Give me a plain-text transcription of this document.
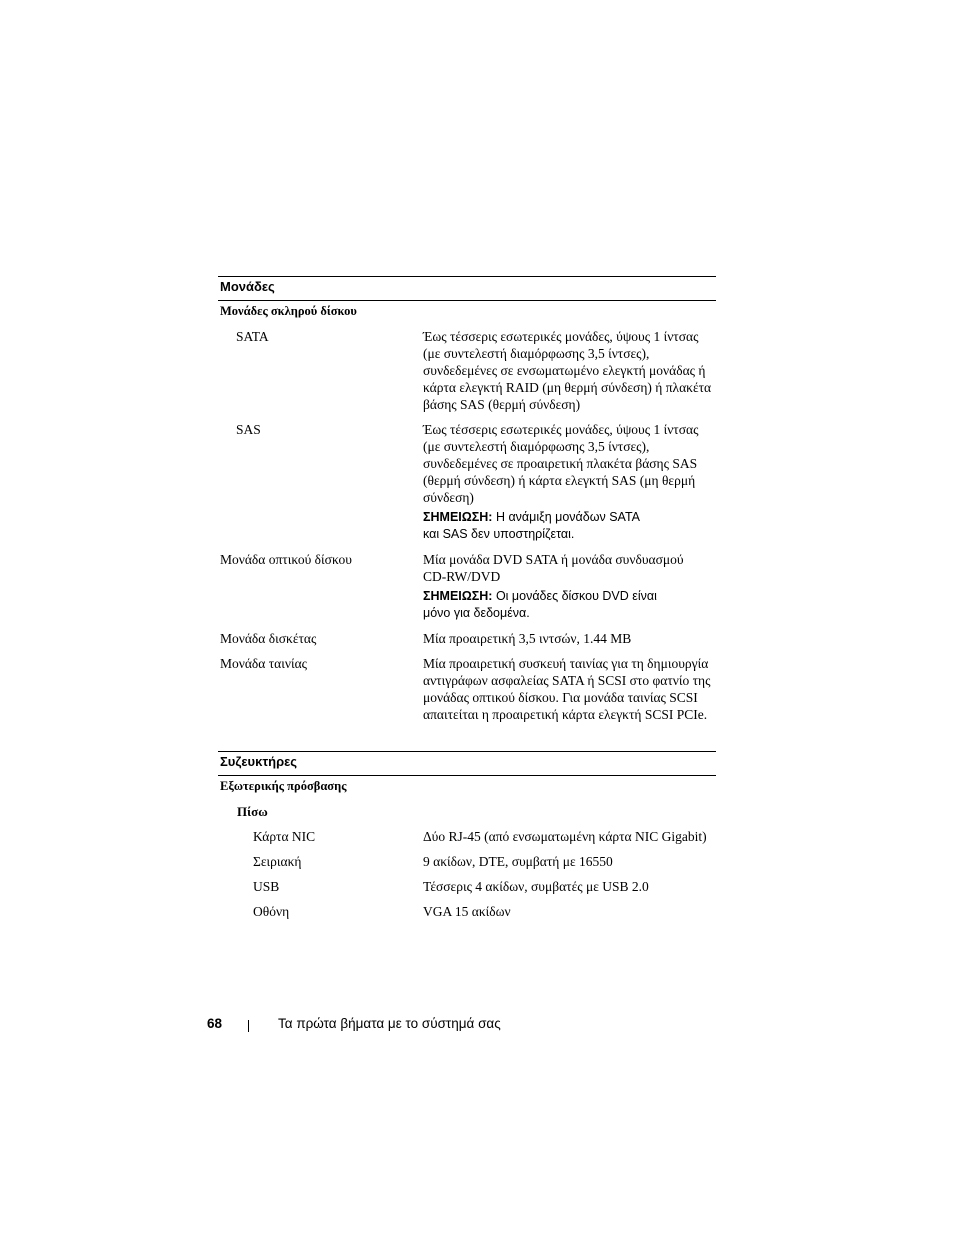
Μονάδες
Μονάδες σκληρού δίσκου
SATA	Έως τέσσερις εσωτερικές μονάδες, ύψους 1 ίντσας
(με συντελεστή διαμόρφωσης 3,5 ίντσες),
συνδεδεμένες σε ενσωματωμένο ελεγκτή μονάδας ή
κάρτα ελεγκτή RAID (μη θερμή σύνδεση) ή πλακέτα
βάσης SAS (θερμή σύνδεση)
SAS	Έως τέσσερις εσωτερικές μονάδες, ύψους 1 ίντσας
(με συντελεστή διαμόρφωσης 3,5 ίντσες),
συνδεδεμένες σε προαιρετική πλακέτα βάσης SAS
(θερμή σύνδεση) ή κάρτα ελεγκτή SAS (μη θερμή
σύνδεση)
ΣΗΜΕΙΩΣΗ: Η ανάμιξη μονάδων SATA
και SAS δεν υποστηρίζεται.
Μονάδα οπτικού δίσκου	Μία μονάδα DVD SATA ή μονάδα συνδυασμού
CD-RW/DVD
ΣΗΜΕΙΩΣΗ: Οι μονάδες δίσκου DVD είναι
μόνο για δεδομένα.
Μονάδα δισκέτας	Μία προαιρετική 3,5 ιντσών, 1.44 MB
Μονάδα ταινίας	Μία προαιρετική συσκευή ταινίας για τη δημιουργία
αντιγράφων ασφαλείας SATA ή SCSI στο φατνίο της
μονάδας οπτικού δίσκου. Για μονάδα ταινίας SCSI
απαιτείται η προαιρετική κάρτα ελεγκτή SCSI PCIe.
Συζευκτήρες
Εξωτερικής πρόσβασης
Πίσω
Κάρτα NIC	Δύο RJ-45 (από ενσωματωμένη κάρτα NIC Gigabit)
Σειριακή	9 ακίδων, DTE, συμβατή με 16550
USB	Τέσσερις 4 ακίδων, συμβατές με USB 2.0
Οθόνη	VGA 15 ακίδων
68	Τα πρώτα βήματα με το σύστημά σας
